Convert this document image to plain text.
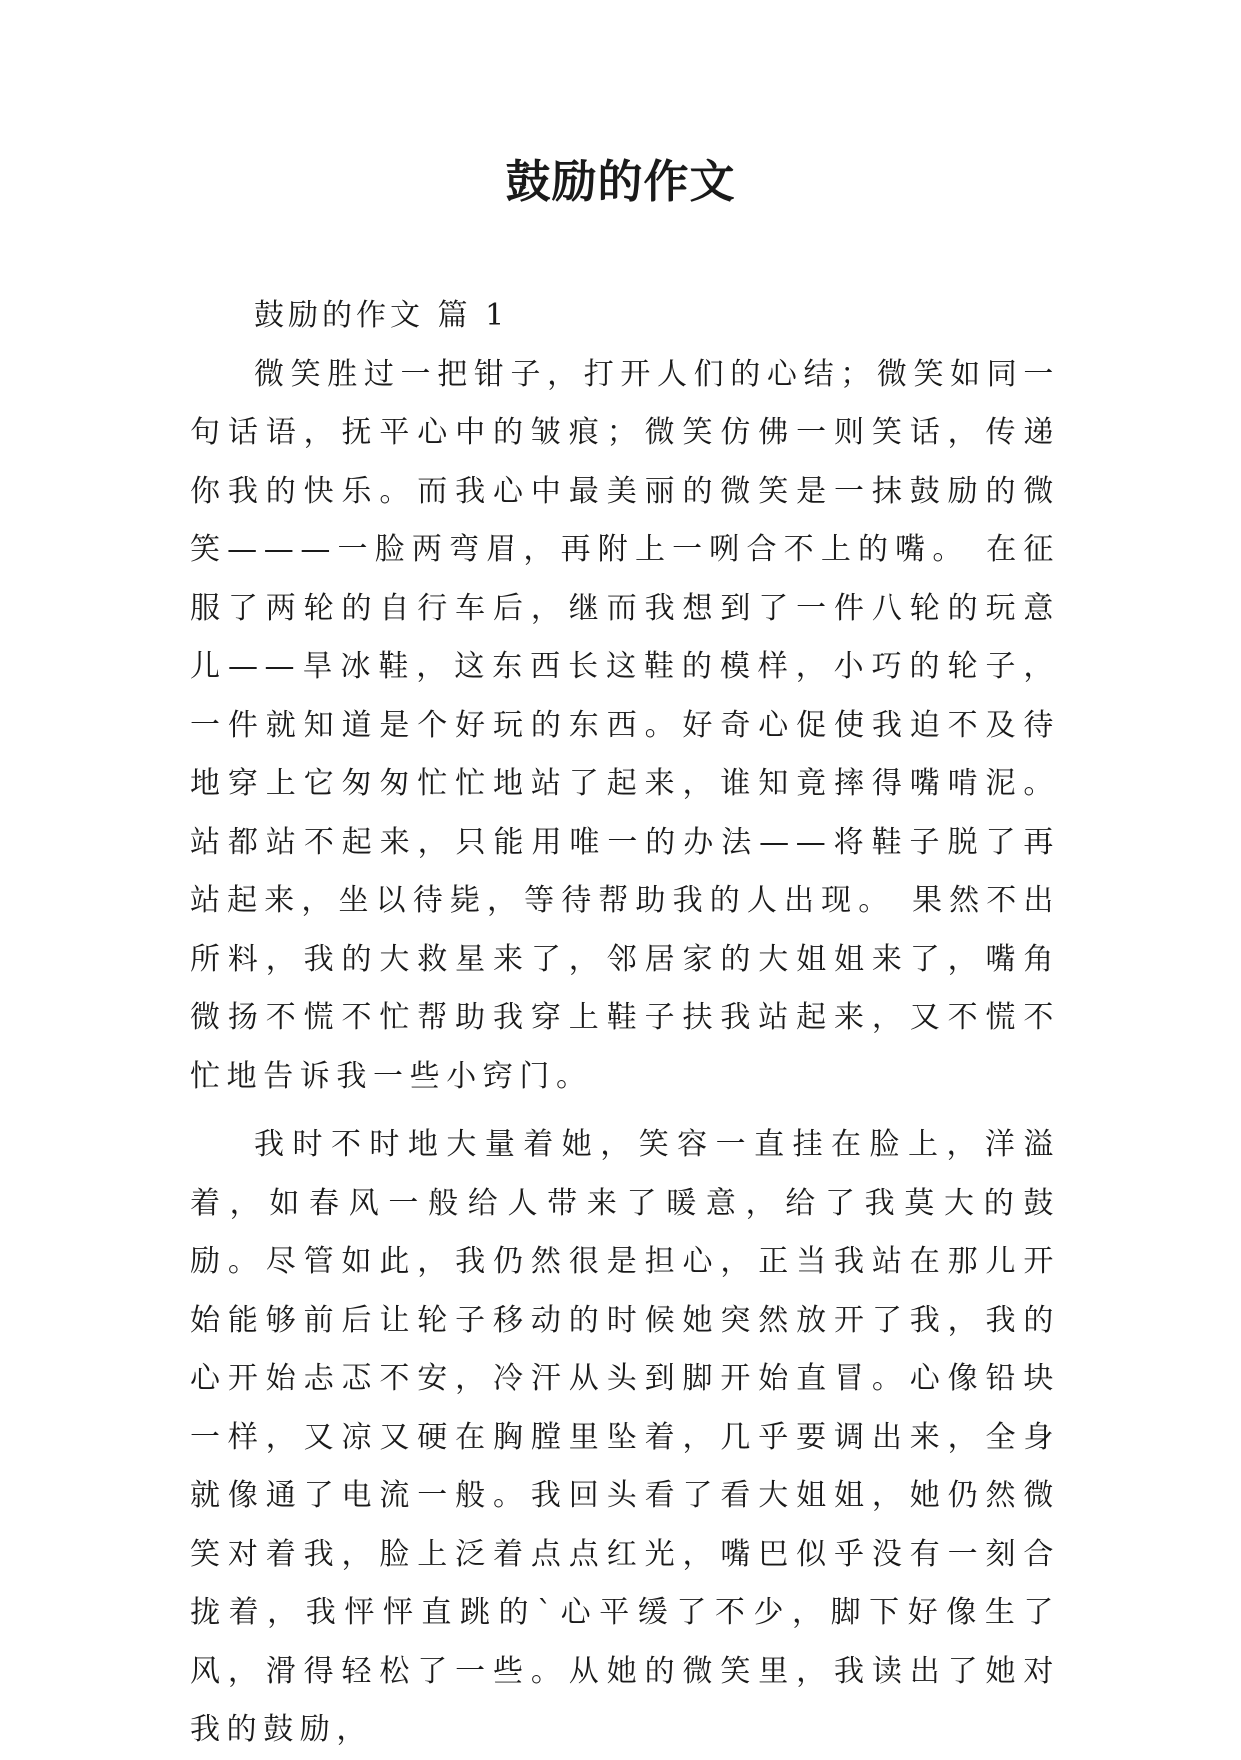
鼓励的作文

鼓励的作文 篇 1

微笑胜过一把钳子，打开人们的心结；微笑如同一句话语，抚平心中的皱痕；微笑仿佛一则笑话，传递你我的快乐。而我心中最美丽的微笑是一抹鼓励的微笑———一脸两弯眉，再附上一咧合不上的嘴。 在征服了两轮的自行车后，继而我想到了一件八轮的玩意儿——旱冰鞋，这东西长这鞋的模样，小巧的轮子，一件就知道是个好玩的东西。好奇心促使我迫不及待地穿上它匆匆忙忙地站了起来，谁知竟摔得嘴啃泥。站都站不起来，只能用唯一的办法——将鞋子脱了再站起来，坐以待毙，等待帮助我的人出现。 果然不出所料，我的大救星来了，邻居家的大姐姐来了，嘴角微扬不慌不忙帮助我穿上鞋子扶我站起来，又不慌不忙地告诉我一些小窍门。

我时不时地大量着她，笑容一直挂在脸上，洋溢着，如春风一般给人带来了暖意，给了我莫大的鼓励。尽管如此，我仍然很是担心，正当我站在那儿开始能够前后让轮子移动的时候她突然放开了我，我的心开始忐忑不安，冷汗从头到脚开始直冒。心像铅块一样，又凉又硬在胸膛里坠着，几乎要调出来，全身就像通了电流一般。我回头看了看大姐姐，她仍然微笑对着我，脸上泛着点点红光，嘴巴似乎没有一刻合拢着，我怦怦直跳的`心平缓了不少，脚下好像生了风，滑得轻松了一些。从她的微笑里，我读出了她对我的鼓励，
